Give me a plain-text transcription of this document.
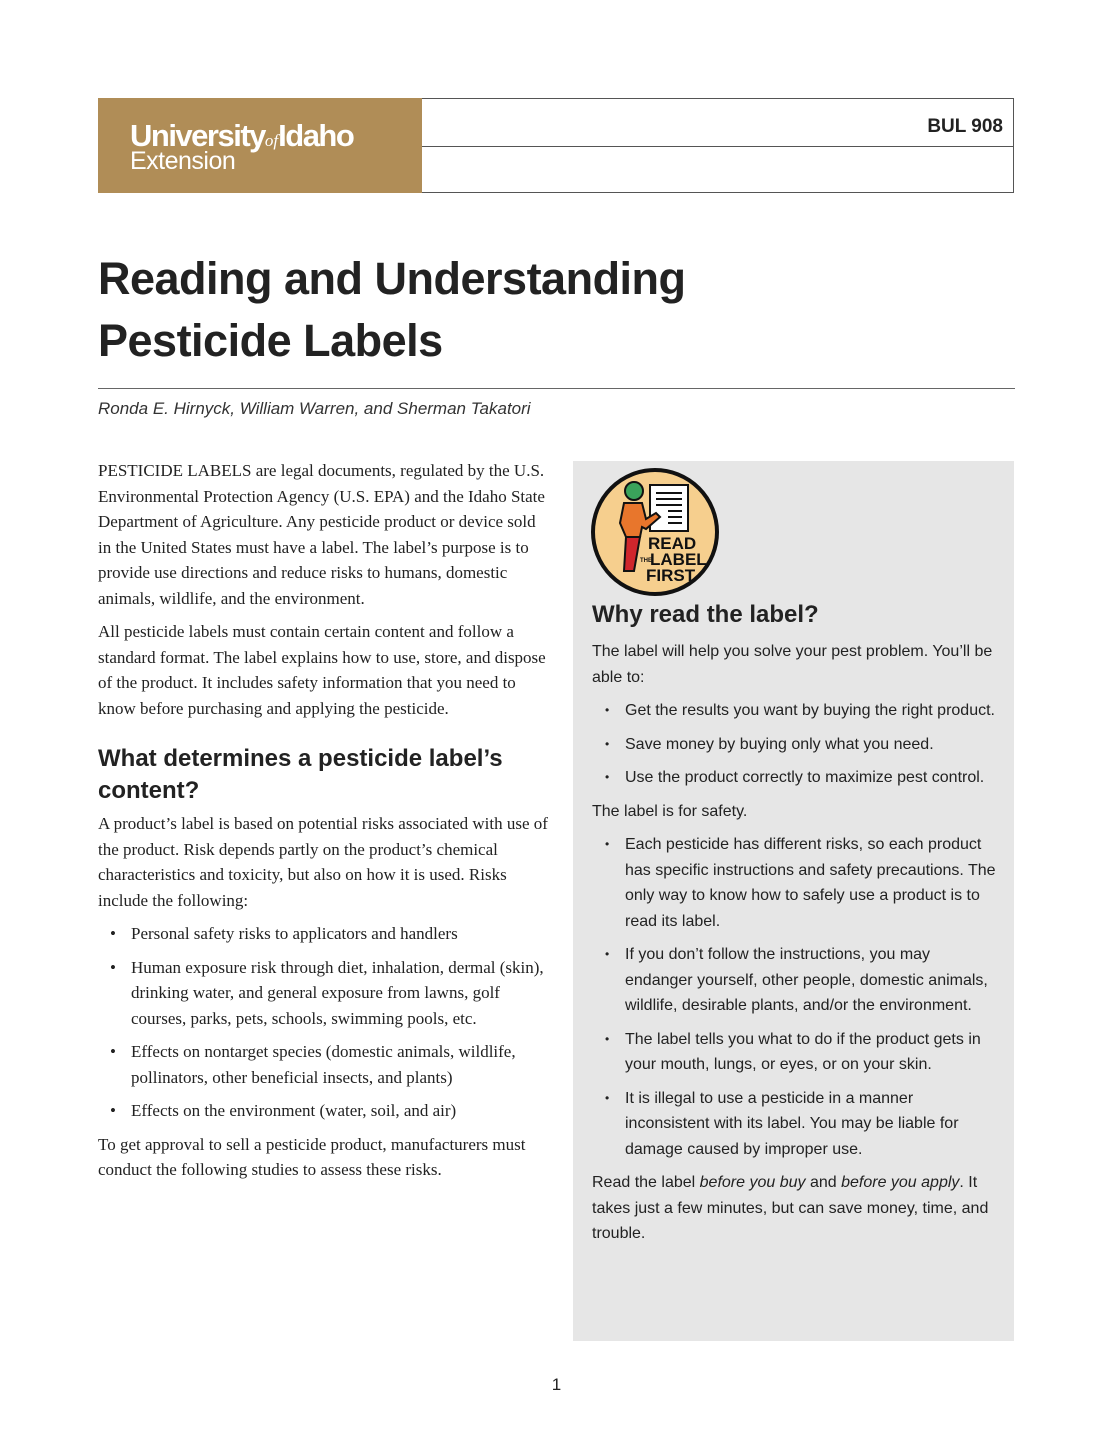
UniversityofIdaho
Extension
BUL 908
Reading and Understanding
Pesticide Labels
Ronda E. Hirnyck, William Warren, and Sherman Takatori

PESTICIDE LABELS are legal documents, regulated by the U.S. Environmental Protection Agency (U.S. EPA) and the Idaho State Department of Agriculture. Any pesticide product or device sold in the United States must have a label. The label’s purpose is to provide use directions and reduce risks to humans, domestic animals, wildlife, and the environment.

All pesticide labels must contain certain content and follow a standard format. The label explains how to use, store, and dispose of the product. It includes safety information that you need to know before purchasing and applying the pesticide.

What determines a pesticide label’s content?

A product’s label is based on potential risks associated with use of the product. Risk depends partly on the product’s chemical characteristics and toxicity, but also on how it is used. Risks include the following:

• Personal safety risks to applicators and handlers
• Human exposure risk through diet, inhalation, dermal (skin), drinking water, and general exposure from lawns, golf courses, parks, pets, schools, swimming pools, etc.
• Effects on nontarget species (domestic animals, wildlife, pollinators, other beneficial insects, and plants)
• Effects on the environment (water, soil, and air)

To get approval to sell a pesticide product, manufacturers must conduct the following studies to assess these risks.

READ
THE
LABEL
FIRST
Why read the label?

The label will help you solve your pest problem. You’ll be able to:

• Get the results you want by buying the right product.
• Save money by buying only what you need.
• Use the product correctly to maximize pest control.

The label is for safety.

• Each pesticide has different risks, so each product has specific instructions and safety precautions. The only way to know how to safely use a product is to read its label.
• If you don’t follow the instructions, you may endanger yourself, other people, domestic animals, wildlife, desirable plants, and/or the environment.
• The label tells you what to do if the product gets in your mouth, lungs, or eyes, or on your skin.
• It is illegal to use a pesticide in a manner inconsistent with its label. You may be liable for damage caused by improper use.

Read the label before you buy and before you apply. It takes just a few minutes, but can save money, time, and trouble.

1
